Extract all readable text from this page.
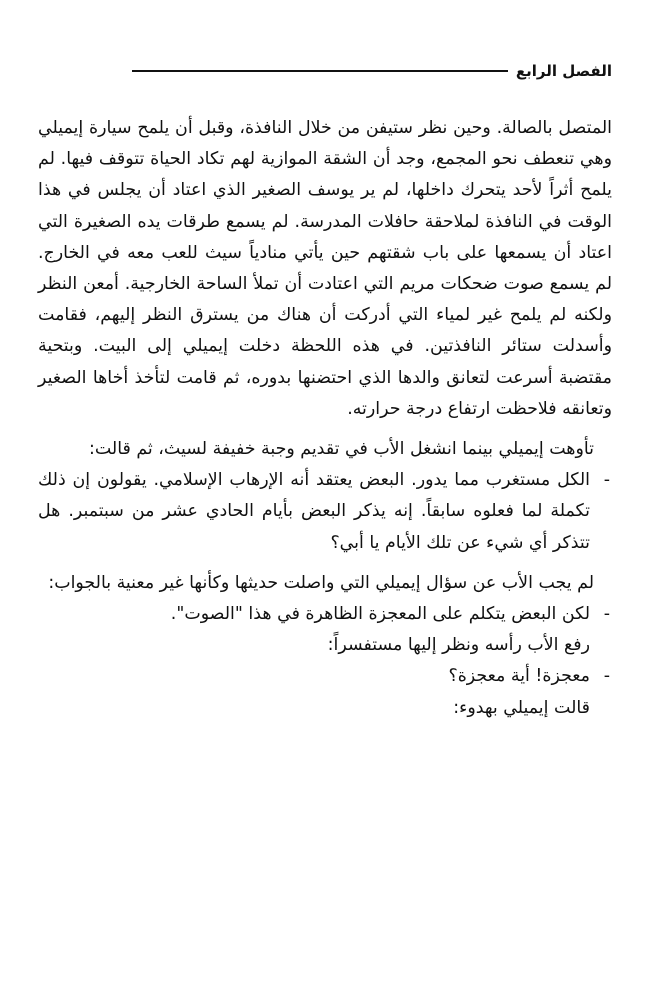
الفصل الرابع

المتصل بالصالة. وحين نظر ستيفن من خلال النافذة، وقبل أن يلمح سيارة إيميلي وهي تنعطف نحو المجمع، وجد أن الشقة الموازية لهم تكاد الحياة تتوقف فيها. لم يلمح أثراً لأحد يتحرك داخلها، لم ير يوسف الصغير الذي اعتاد أن يجلس في هذا الوقت في النافذة لملاحقة حافلات المدرسة. لم يسمع طرقات يده الصغيرة التي اعتاد أن يسمعها على باب شقتهم حين يأتي منادياً سيث للعب معه في الخارج. لم يسمع صوت ضحكات مريم التي اعتادت أن تملأ الساحة الخارجية. أمعن النظر ولكنه لم يلمح غير لمياء التي أدركت أن هناك من يسترق النظر إليهم، فقامت وأسدلت ستائر النافذتين. في هذه اللحظة دخلت إيميلي إلى البيت. وبتحية مقتضبة أسرعت لتعانق والدها الذي احتضنها بدوره، ثم قامت لتأخذ أخاها الصغير وتعانقه فلاحظت ارتفاع درجة حرارته.

تأوهت إيميلي بينما انشغل الأب في تقديم وجبة خفيفة لسيث، ثم قالت:

-
الكل مستغرب مما يدور. البعض يعتقد أنه الإرهاب الإسلامي. يقولون إن ذلك تكملة لما فعلوه سابقاً. إنه يذكر البعض بأيام الحادي عشر من سبتمبر. هل تتذكر أي شيء عن تلك الأيام يا أبي؟

لم يجب الأب عن سؤال إيميلي التي واصلت حديثها وكأنها غير معنية بالجواب:

-
لكن البعض يتكلم على المعجزة الظاهرة في هذا "الصوت".

رفع الأب رأسه ونظر إليها مستفسراً:

-
معجزة! أية معجزة؟

قالت إيميلي بهدوء:
